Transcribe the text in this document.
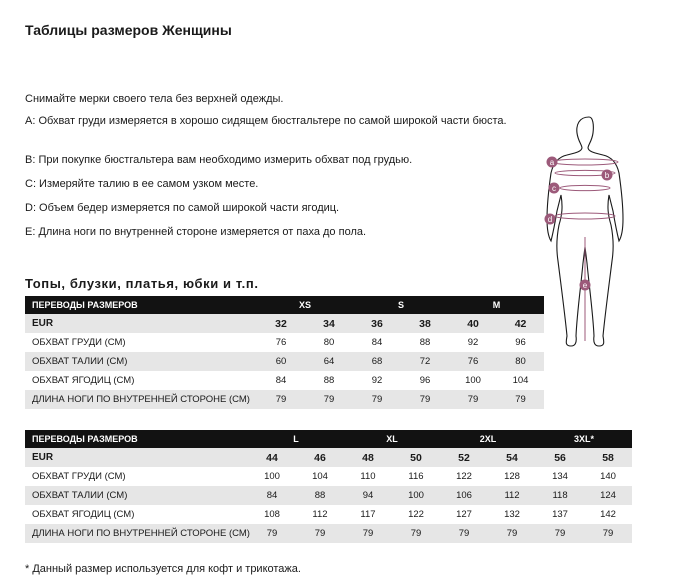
Таблицы размеров Женщины
Снимайте мерки своего тела без верхней одежды.
A: Обхват груди измеряется в хорошо сидящем бюстгальтере по самой широкой части бюста.
B: При покупке бюстгальтера вам необходимо измерить обхват под грудью.
C: Измеряйте талию в ее самом узком месте.
D: Объем бедер измеряется по самой широкой части ягодиц.
E: Длина ноги по внутренней стороне измеряется от паха до пола.
a
b
c
d
e
Топы, блузки, платья, юбки и т.п.
ПЕРЕВОДЫ РАЗМЕРОВ	XS		S		M	
EUR	32	34	36	38	40	42
ОБХВАТ ГРУДИ (СМ)	76	80	84	88	92	96
ОБХВАТ ТАЛИИ (СМ)	60	64	68	72	76	80
ОБХВАТ ЯГОДИЦ (СМ)	84	88	92	96	100	104
ДЛИНА НОГИ ПО ВНУТРЕННЕЙ СТОРОНЕ (СМ)	79	79	79	79	79	79
ПЕРЕВОДЫ РАЗМЕРОВ	L		XL		2XL		3XL*	
EUR	44	46	48	50	52	54	56	58
ОБХВАТ ГРУДИ (СМ)	100	104	110	116	122	128	134	140
ОБХВАТ ТАЛИИ (СМ)	84	88	94	100	106	112	118	124
ОБХВАТ ЯГОДИЦ (СМ)	108	112	117	122	127	132	137	142
ДЛИНА НОГИ ПО ВНУТРЕННЕЙ СТОРОНЕ (СМ)	79	79	79	79	79	79	79	79
* Данный размер используется для кофт и трикотажа.
